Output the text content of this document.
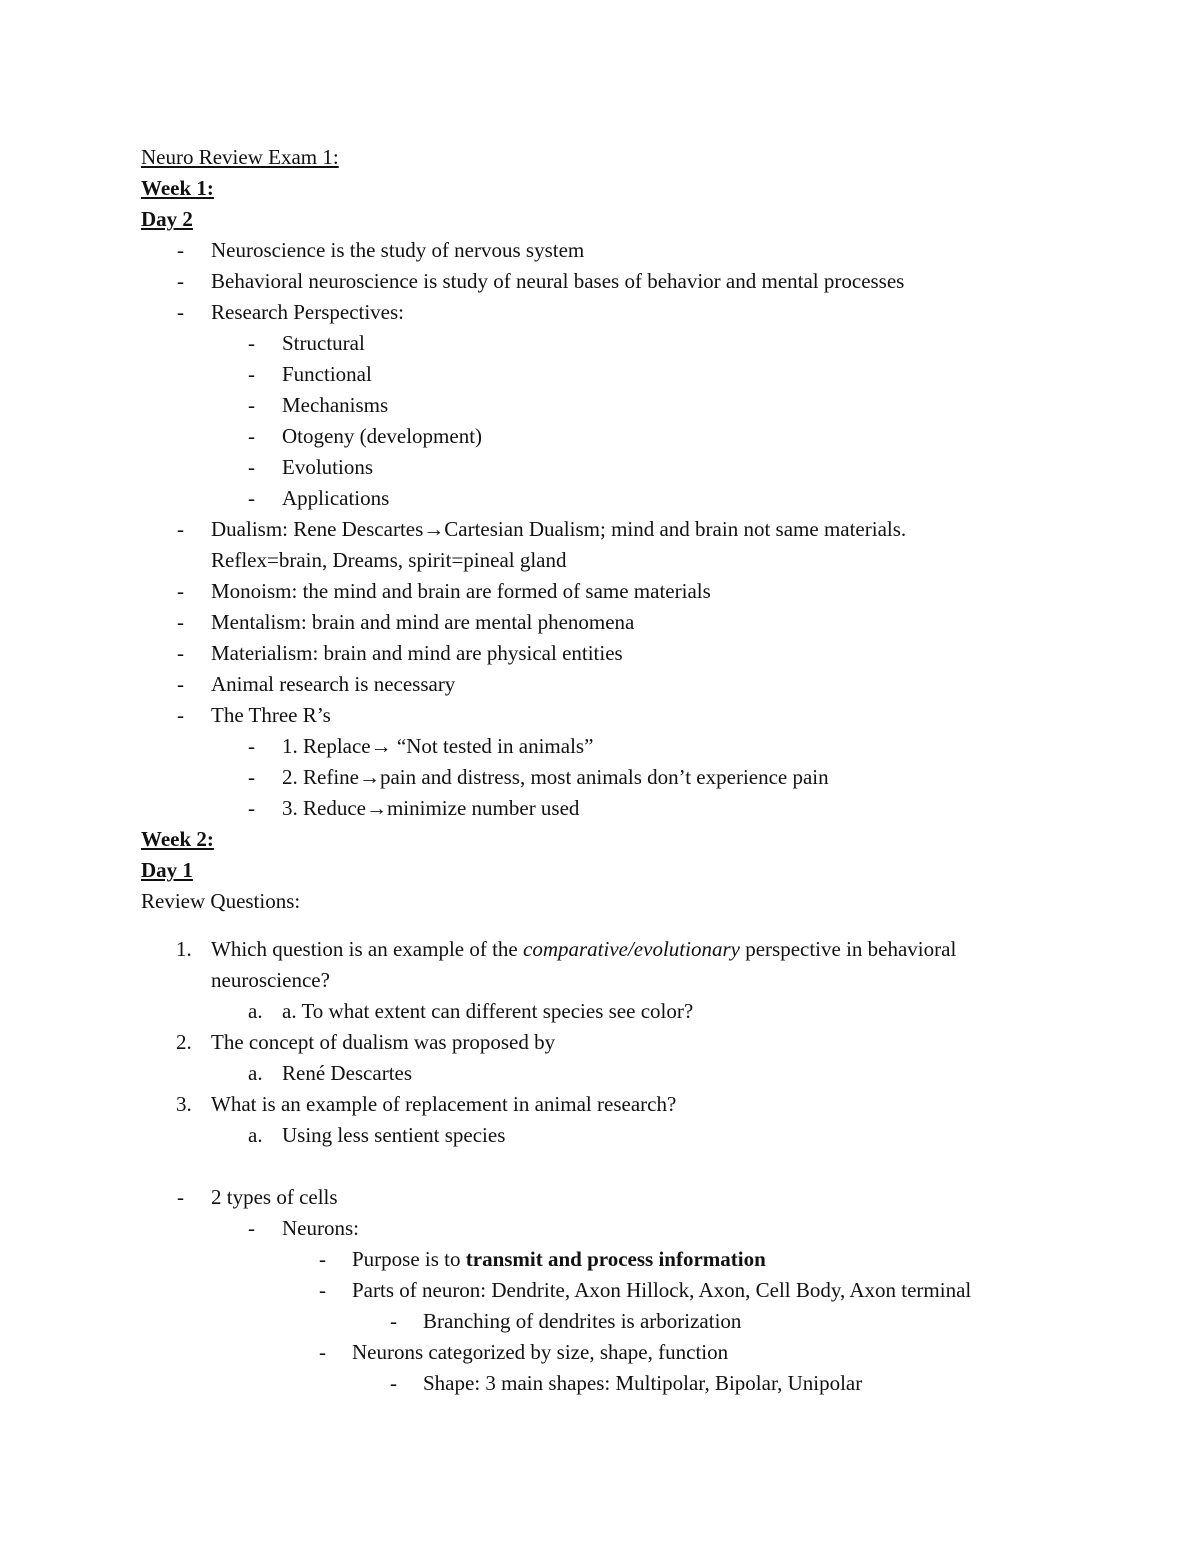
Neuro Review Exam 1:
Week 1:
Day 2
- Neuroscience is the study of nervous system
- Behavioral neuroscience is study of neural bases of behavior and mental processes
- Research Perspectives:
- Structural
- Functional
- Mechanisms
- Otogeny (development)
- Evolutions
- Applications
- Dualism: Rene Descartes→Cartesian Dualism; mind and brain not same materials.
Reflex=brain, Dreams, spirit=pineal gland
- Monoism: the mind and brain are formed of same materials
- Mentalism: brain and mind are mental phenomena
- Materialism: brain and mind are physical entities
- Animal research is necessary
- The Three R’s
- 1. Replace→ “Not tested in animals”
- 2. Refine→pain and distress, most animals don’t experience pain
- 3. Reduce→minimize number used
Week 2:
Day 1
Review Questions:
1. Which question is an example of the comparative/evolutionary perspective in behavioral
neuroscience?
a. a. To what extent can different species see color?
2. The concept of dualism was proposed by
a. René Descartes
3. What is an example of replacement in animal research?
a. Using less sentient species
- 2 types of cells
- Neurons:
- Purpose is to transmit and process information
- Parts of neuron: Dendrite, Axon Hillock, Axon, Cell Body, Axon terminal
- Branching of dendrites is arborization
- Neurons categorized by size, shape, function
- Shape: 3 main shapes: Multipolar, Bipolar, Unipolar
